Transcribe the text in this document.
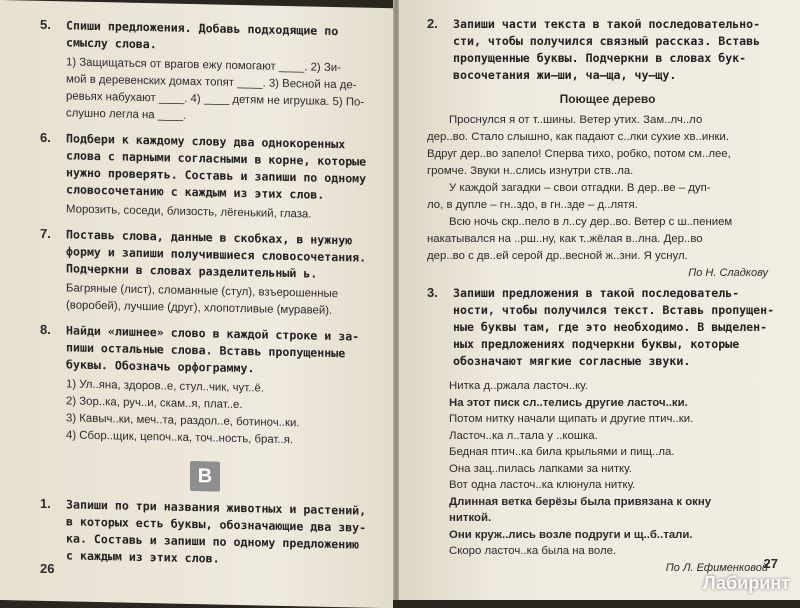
5. Спиши предложения. Добавь подходящие по
смыслу слова.
1) Защищаться от врагов ежу помогают ____. 2) Зи-
мой в деревенских домах топят ____. 3) Весной на де-
ревьях набухают ____. 4) ____ детям не игрушка. 5) По-
слушно легла на ____.
6. Подбери к каждому слову два однокоренных
слова с парными согласными в корне, которые
нужно проверять. Составь и запиши по одному
словосочетанию с каждым из этих слов.
Морозить, соседи, близость, лёгенький, глаза.
7. Поставь слова, данные в скобках, в нужную
форму и запиши получившиеся словосочетания.
Подчеркни в словах разделительный ь.
Багряные (лист), сломанные (стул), взъерошенные
(воробей), лучшие (друг), хлопотливые (муравей).
8. Найди «лишнее» слово в каждой строке и за-
пиши остальные слова. Вставь пропущенные
буквы. Обозначь орфограмму.
1) Ул..яна, здоров..е, стул..чик, чут..ё.
2) Зор..ка, руч..и, скам..я, плат..е.
3) Кавыч..ки, меч..та, раздол..е, ботиноч..ки.
4) Сбор..щик, цепоч..ка, точ..ность, брат..я.
В
1. Запиши по три названия животных и растений,
в которых есть буквы, обозначающие два зву-
ка. Составь и запиши по одному предложению
с каждым из этих слов.
26
2. Запиши части текста в такой последовательно-
сти, чтобы получился связный рассказ. Вставь
пропущенные буквы. Подчеркни в словах бук-
восочетания жи–ши, ча–ща, чу–щу.
Поющее дерево
Проснулся я от т..шины. Ветер утих. Зам..лч..ло
дер..во. Стало слышно, как падают с..лки сухие хв..инки.
Вдруг дер..во запело! Сперва тихо, робко, потом см..лее,
громче. Звуки н..слись изнутри ств..ла.
У каждой загадки – свои отгадки. В дер..ве – дуп-
ло, в дупле – гн..здо, в гн..зде – д..лятя.
Всю ночь скр..пело в л..су дер..во. Ветер с ш..пением
накатывался на ..рш..ну, как т..жёлая в..лна. Дер..во
дер..во с дв..ей серой др..весной ж..зни. Я уснул.
По Н. Сладкову
3. Запиши предложения в такой последователь-
ности, чтобы получился текст. Вставь пропущен-
ные буквы там, где это необходимо. В выделен-
ных предложениях подчеркни буквы, которые
обозначают мягкие согласные звуки.
Нитка д..ржала ласточ..ку.
На этот писк сл..телись другие ласточ..ки.
Потом нитку начали щипать и другие птич..ки.
Ласточ..ка л..тала у ..кошка.
Бедная птич..ка била крыльями и пищ..ла.
Она зац..пилась лапками за нитку.
Вот одна ласточ..ка клюнула нитку.
Длинная ветка берёзы была привязана к окну
ниткой.
Они круж..лись возле подруги и щ..б..тали.
Скоро ласточ..ка была на воле.
По Л. Ефименковой
27
Лабиринт
